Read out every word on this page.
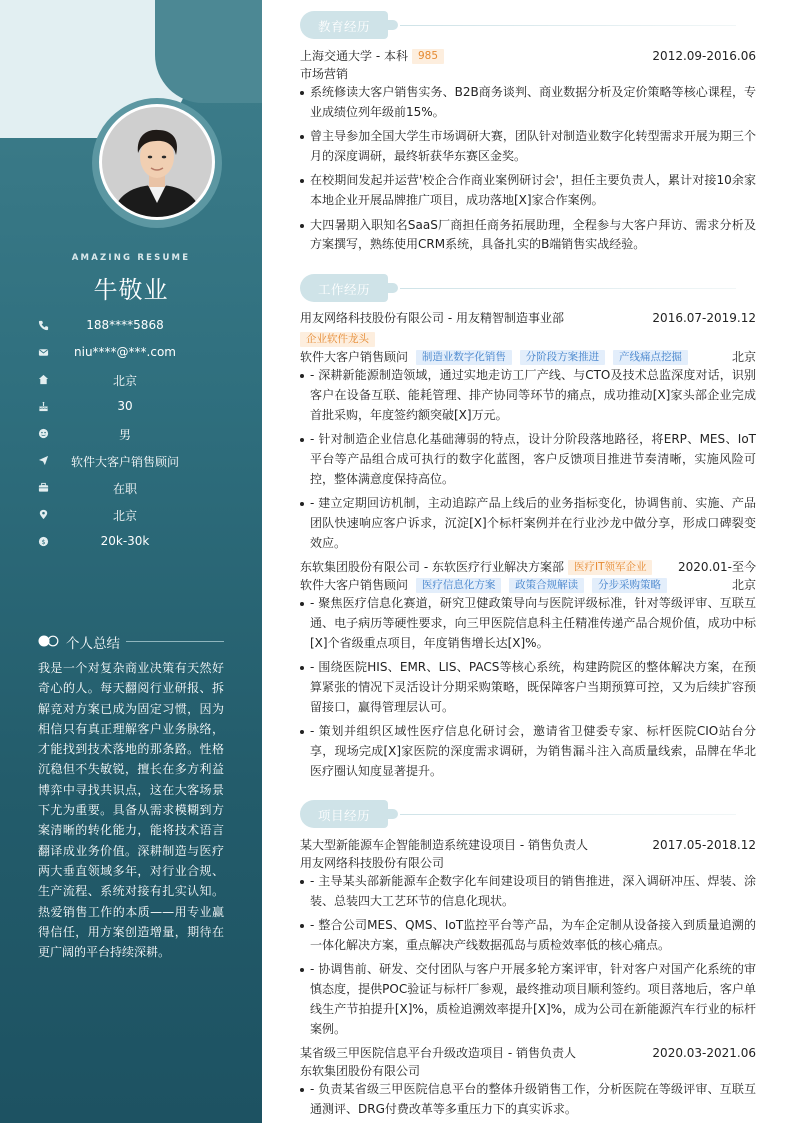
AMAZING RESUME
牛敬业
188****5868
niu****@***.com
北京
30
男
软件大客户销售顾问
在职
北京
$	20k-30k
个人总结
我是一个对复杂商业决策有天然好奇心的人。每天翻阅行业研报、拆解竞对方案已成为固定习惯，因为相信只有真正理解客户业务脉络，才能找到技术落地的那条路。性格沉稳但不失敏锐，擅长在多方利益博弈中寻找共识点，这在大客场景下尤为重要。具备从需求模糊到方案清晰的转化能力，能将技术语言翻译成业务价值。深耕制造与医疗两大垂直领域多年，对行业合规、生产流程、系统对接有扎实认知。热爱销售工作的本质——用专业赢得信任，用方案创造增量，期待在更广阔的平台持续深耕。
教育经历
上海交通大学 - 本科 985	2012.09-2016.06
市场营销
系统修读大客户销售实务、B2B商务谈判、商业数据分析及定价策略等核心课程，专业成绩位列年级前15%。
曾主导参加全国大学生市场调研大赛，团队针对制造业数字化转型需求开展为期三个月的深度调研，最终斩获华东赛区金奖。
在校期间发起并运营'校企合作商业案例研讨会'，担任主要负责人，累计对接10余家本地企业开展品牌推广项目，成功落地[X]家合作案例。
大四暑期入职知名SaaS厂商担任商务拓展助理，全程参与大客户拜访、需求分析及方案撰写，熟练使用CRM系统，具备扎实的B端销售实战经验。
工作经历
用友网络科技股份有限公司 - 用友精智制造事业部	2016.07-2019.12
企业软件龙头
软件大客户销售顾问 制造业数字化销售 分阶段方案推进 产线痛点挖掘	北京
- 深耕新能源制造领域，通过实地走访工厂产线、与CTO及技术总监深度对话，识别客户在设备互联、能耗管理、排产协同等环节的痛点，成功推动[X]家头部企业完成首批采购，年度签约额突破[X]万元。
- 针对制造企业信息化基础薄弱的特点，设计分阶段落地路径，将ERP、MES、IoT平台等产品组合成可执行的数字化蓝图，客户反馈项目推进节奏清晰，实施风险可控，整体满意度保持高位。
- 建立定期回访机制，主动追踪产品上线后的业务指标变化，协调售前、实施、产品团队快速响应客户诉求，沉淀[X]个标杆案例并在行业沙龙中做分享，形成口碑裂变效应。
东软集团股份有限公司 - 东软医疗行业解决方案部 医疗IT领军企业	2020.01-至今
软件大客户销售顾问 医疗信息化方案 政策合规解读 分步采购策略	北京
- 聚焦医疗信息化赛道，研究卫健政策导向与医院评级标准，针对等级评审、互联互通、电子病历等硬性要求，向三甲医院信息科主任精准传递产品合规价值，成功中标[X]个省级重点项目，年度销售增长达[X]%。
- 围绕医院HIS、EMR、LIS、PACS等核心系统，构建跨院区的整体解决方案，在预算紧张的情况下灵活设计分期采购策略，既保障客户当期预算可控，又为后续扩容预留接口，赢得管理层认可。
- 策划并组织区域性医疗信息化研讨会，邀请省卫健委专家、标杆医院CIO站台分享，现场完成[X]家医院的深度需求调研，为销售漏斗注入高质量线索，品牌在华北医疗圈认知度显著提升。
项目经历
某大型新能源车企智能制造系统建设项目 - 销售负责人	2017.05-2018.12
用友网络科技股份有限公司
- 主导某头部新能源车企数字化车间建设项目的销售推进，深入调研冲压、焊装、涂装、总装四大工艺环节的信息化现状。
- 整合公司MES、QMS、IoT监控平台等产品，为车企定制从设备接入到质量追溯的一体化解决方案，重点解决产线数据孤岛与质检效率低的核心痛点。
- 协调售前、研发、交付团队与客户开展多轮方案评审，针对客户对国产化系统的审慎态度，提供POC验证与标杆厂参观，最终推动项目顺利签约。项目落地后，客户单线生产节拍提升[X]%，质检追溯效率提升[X]%，成为公司在新能源汽车行业的标杆案例。
某省级三甲医院信息平台升级改造项目 - 销售负责人	2020.03-2021.06
东软集团股份有限公司
- 负责某省级三甲医院信息平台的整体升级销售工作，分析医院在等级评审、互联互通测评、DRG付费改革等多重压力下的真实诉求。
